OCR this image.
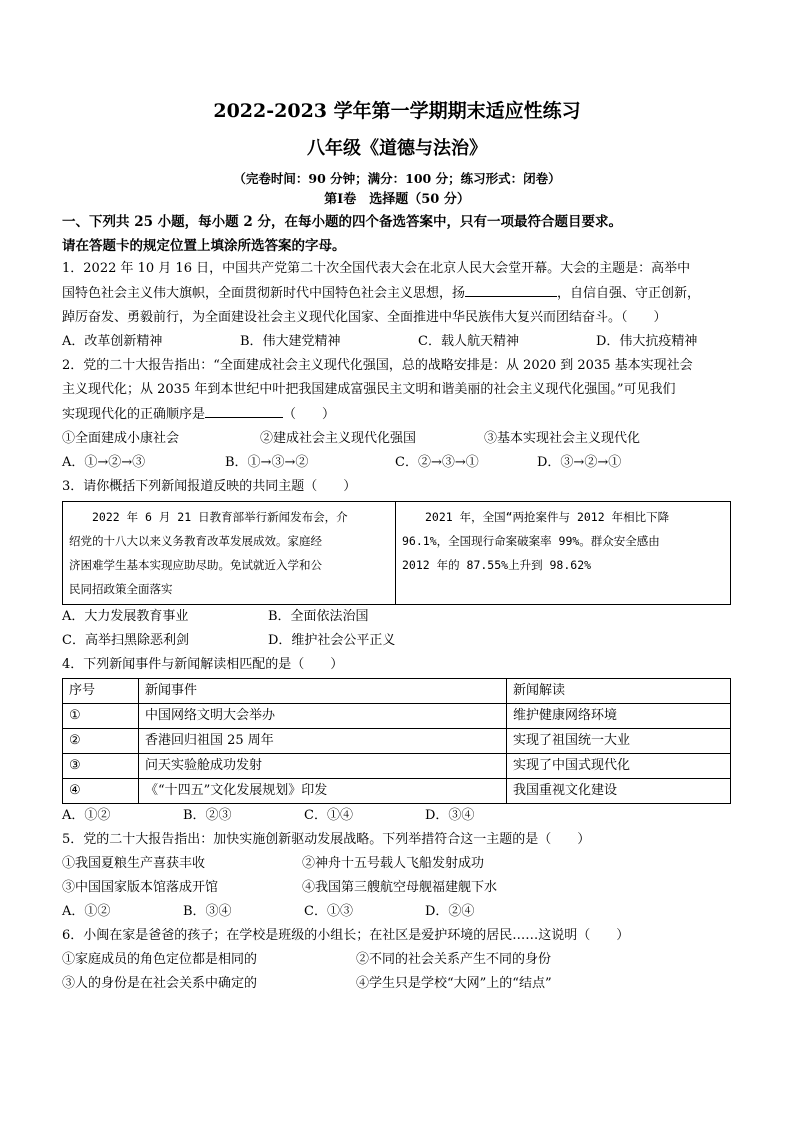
2022-2023 学年第一学期期末适应性练习
八年级《道德与法治》
（完卷时间：90 分钟；满分：100 分；练习形式：闭卷）
第Ⅰ卷　选择题（50 分）
一、下列共 25 小题，每小题 2 分，在每小题的四个备选答案中，只有一项最符合题目要求。
请在答题卡的规定位置上填涂所选答案的字母。
1．2022 年 10 月 16 日，中国共产党第二十次全国代表大会在北京人民大会堂开幕。大会的主题是：高举中
国特色社会主义伟大旗帜，全面贯彻新时代中国特色社会主义思想，扬	，自信自强、守正创新，
踔厉奋发、勇毅前行，为全面建设社会主义现代化国家、全面推进中华民族伟大复兴而团结奋斗。（　　）
A．改革创新精神	B．伟大建党精神	C．载人航天精神	D．伟大抗疫精神
2．党的二十大报告指出：“全面建成社会主义现代化强国，总的战略安排是：从 2020 到 2035 基本实现社会
主义现代化；从 2035 年到本世纪中叶把我国建成富强民主文明和谐美丽的社会主义现代化强国。”可见我们
实现现代化的正确顺序是	（　　）
①全面建成小康社会	②建成社会主义现代化强国	③基本实现社会主义现代化
A．①→②→③	B．①→③→②	C．②→③→①	D．③→②→①
3．请你概括下列新闻报道反映的共同主题（　　）
2022 年 6 月 21 日教育部举行新闻发布会，介
绍党的十八大以来义务教育改革发展成效。家庭经
济困难学生基本实现应助尽助。免试就近入学和公
民同招政策全面落实

2021 年，全国“两抢案件与 2012 年相比下降
96.1%，全国现行命案破案率 99%。群众安全感由
2012 年的 87.55%上升到 98.62%
A．大力发展教育事业	B．全面依法治国
C．高举扫黑除恶利剑	D．维护社会公平正义
4．下列新闻事件与新闻解读相匹配的是（　　）
序号	新闻事件	新闻解读
①	中国网络文明大会举办	维护健康网络环境
②	香港回归祖国 25 周年	实现了祖国统一大业
③	问天实验舱成功发射	实现了中国式现代化
④	《“十四五”文化发展规划》印发	我国重视文化建设
A．①②	B．②③	C．①④	D．③④
5．党的二十大报告指出：加快实施创新驱动发展战略。下列举措符合这一主题的是（　　）
①我国夏粮生产喜获丰收	②神舟十五号载人飞船发射成功
③中国国家版本馆落成开馆	④我国第三艘航空母舰福建舰下水
A．①②	B．③④	C．①③	D．②④
6．小闽在家是爸爸的孩子；在学校是班级的小组长；在社区是爱护环境的居民……这说明（　　）
①家庭成员的角色定位都是相同的	②不同的社会关系产生不同的身份
③人的身份是在社会关系中确定的	④学生只是学校“大网”上的“结点”
